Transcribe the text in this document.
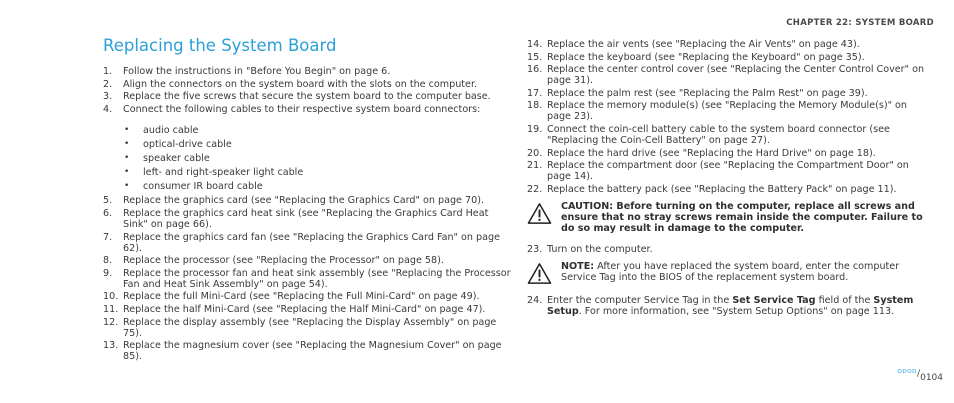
CHAPTER 22: SYSTEM BOARD
Replacing the System Board
1.	Follow the instructions in "Before You Begin" on page 6.
2.	Align the connectors on the system board with the slots on the computer.
3.	Replace the five screws that secure the system board to the computer base.
4.	Connect the following cables to their respective system board connectors:
•	audio cable
•	optical-drive cable
•	speaker cable
•	left- and right-speaker light cable
•	consumer IR board cable
5.	Replace the graphics card (see "Replacing the Graphics Card" on page 70).
6.	Replace the graphics card heat sink (see "Replacing the Graphics Card Heat Sink" on page 66).
7.	Replace the graphics card fan (see "Replacing the Graphics Card Fan" on page 62).
8.	Replace the processor (see "Replacing the Processor" on page 58).
9.	Replace the processor fan and heat sink assembly (see "Replacing the Processor Fan and Heat Sink Assembly" on page 54).
10. Replace the full Mini-Card (see "Replacing the Full Mini-Card" on page 49).
11. Replace the half Mini-Card (see "Replacing the Half Mini-Card" on page 47).
12. Replace the display assembly (see "Replacing the Display Assembly" on page 75).
13. Replace the magnesium cover (see "Replacing the Magnesium Cover" on page 85).
14. Replace the air vents (see "Replacing the Air Vents" on page 43).
15. Replace the keyboard (see "Replacing the Keyboard" on page 35).
16. Replace the center control cover (see "Replacing the Center Control Cover" on page 31).
17. Replace the palm rest (see "Replacing the Palm Rest" on page 39).
18. Replace the memory module(s) (see "Replacing the Memory Module(s)" on page 23).
19. Connect the coin-cell battery cable to the system board connector (see "Replacing the Coin-Cell Battery" on page 27).
20. Replace the hard drive (see "Replacing the Hard Drive" on page 18).
21. Replace the compartment door (see "Replacing the Compartment Door" on page 14).
22. Replace the battery pack (see "Replacing the Battery Pack" on page 11).
CAUTION: Before turning on the computer, replace all screws and ensure that no stray screws remain inside the computer. Failure to do so may result in damage to the computer.
23. Turn on the computer.
NOTE: After you have replaced the system board, enter the computer Service Tag into the BIOS of the replacement system board.
24. Enter the computer Service Tag in the Set Service Tag field of the System Setup. For more information, see "System Setup Options" on page 113.
ᴼᴰᴼᴰ/0104
